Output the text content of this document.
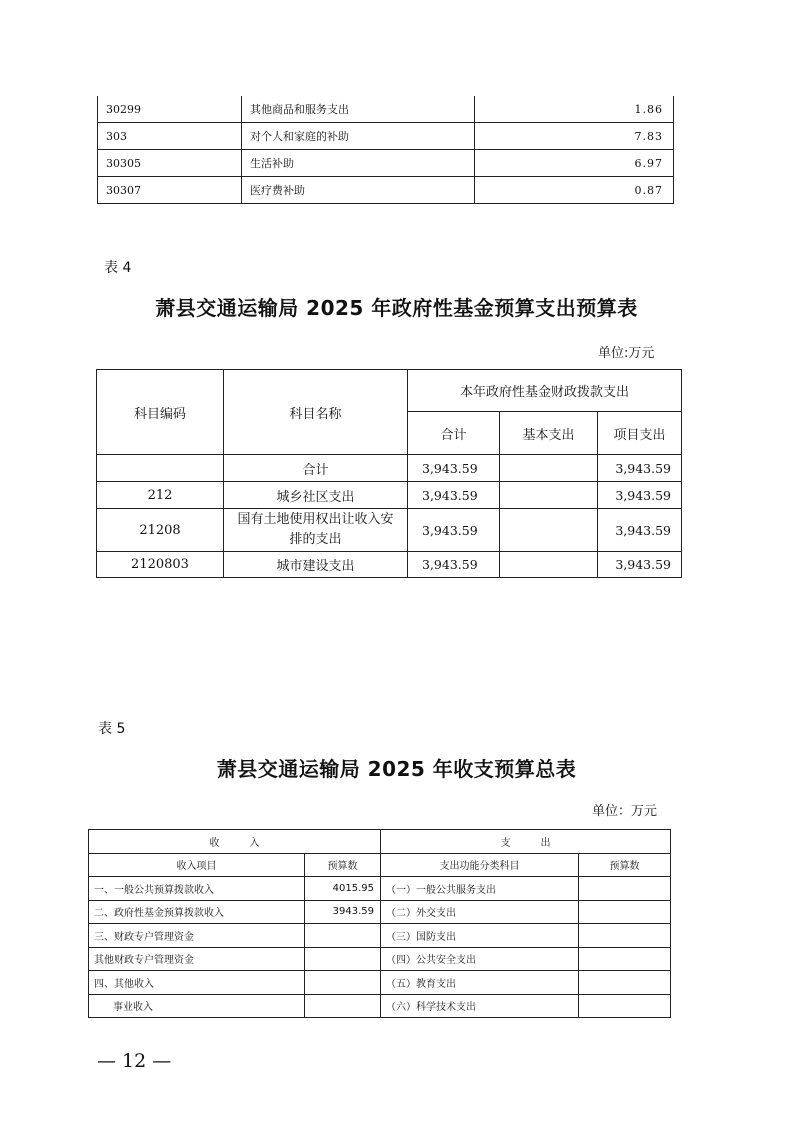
30299	其他商品和服务支出	1.86
303	对个人和家庭的补助	7.83
30305	生活补助	6.97
30307	医疗费补助	0.87
表 4
萧县交通运输局 2025 年政府性基金预算支出预算表
单位:万元
科目编码	科目名称	本年政府性基金财政拨款支出		
		合计	基本支出	项目支出
	合计	3,943.59		3,943.59
212	城乡社区支出	3,943.59		3,943.59
21208	国有土地使用权出让收入安排的支出	3,943.59		3,943.59
2120803	城市建设支出	3,943.59		3,943.59
表 5
萧县交通运输局 2025 年收支预算总表
单位：万元
收　　　入		支　　　出	
收入项目	预算数	支出功能分类科目	预算数
一、一般公共预算拨款收入	4015.95	（一）一般公共服务支出	
二、政府性基金预算拨款收入	3943.59	（二）外交支出	
三、财政专户管理资金		（三）国防支出	
其他财政专户管理资金		（四）公共安全支出	
四、其他收入		（五）教育支出	
事业收入		（六）科学技术支出	
— 12 —
